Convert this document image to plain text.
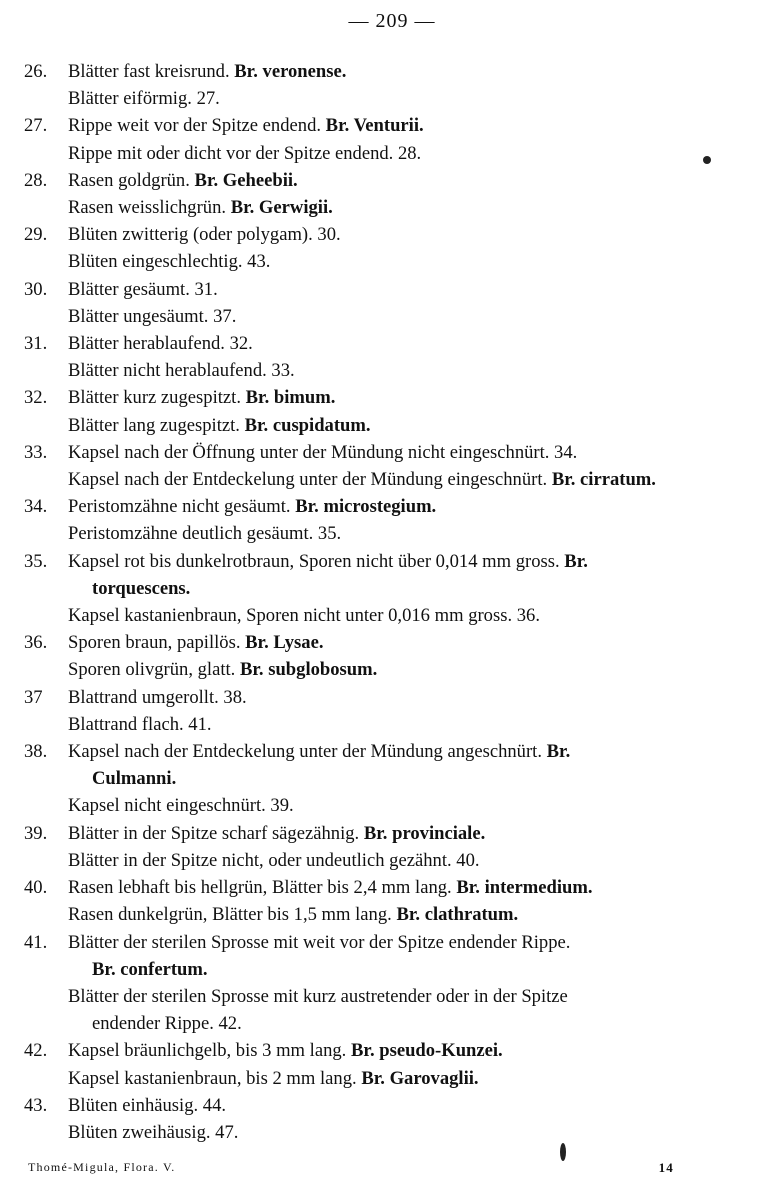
— 209 —
26.	Blätter fast kreisrund. Br. veronense.
Blätter eiförmig. 27.
27.	Rippe weit vor der Spitze endend. Br. Venturii.
Rippe mit oder dicht vor der Spitze endend. 28.
28.	Rasen goldgrün. Br. Geheebii.
Rasen weisslichgrün. Br. Gerwigii.
29.	Blüten zwitterig (oder polygam). 30.
Blüten eingeschlechtig. 43.
30.	Blätter gesäumt. 31.
Blätter ungesäumt. 37.
31.	Blätter herablaufend. 32.
Blätter nicht herablaufend. 33.
32.	Blätter kurz zugespitzt. Br. bimum.
Blätter lang zugespitzt. Br. cuspidatum.
33.	Kapsel nach der Öffnung unter der Mündung nicht eingeschnürt. 34.
Kapsel nach der Entdeckelung unter der Mündung eingeschnürt. Br. cirratum.
34.	Peristomzähne nicht gesäumt. Br. microstegium.
Peristomzähne deutlich gesäumt. 35.
35.	Kapsel rot bis dunkelrotbraun, Sporen nicht über 0,014 mm gross. Br.
torquescens.
Kapsel kastanienbraun, Sporen nicht unter 0,016 mm gross. 36.
36.	Sporen braun, papillös. Br. Lysae.
Sporen olivgrün, glatt. Br. subglobosum.
37	Blattrand umgerollt. 38.
Blattrand flach. 41.
38.	Kapsel nach der Entdeckelung unter der Mündung angeschnürt. Br.
Culmanni.
Kapsel nicht eingeschnürt. 39.
39.	Blätter in der Spitze scharf sägezähnig. Br. provinciale.
Blätter in der Spitze nicht, oder undeutlich gezähnt. 40.
40.	Rasen lebhaft bis hellgrün, Blätter bis 2,4 mm lang. Br. intermedium.
Rasen dunkelgrün, Blätter bis 1,5 mm lang. Br. clathratum.
41.	Blätter der sterilen Sprosse mit weit vor der Spitze endender Rippe.
Br. confertum.
Blätter der sterilen Sprosse mit kurz austretender oder in der Spitze
endender Rippe. 42.
42.	Kapsel bräunlichgelb, bis 3 mm lang. Br. pseudo-Kunzei.
Kapsel kastanienbraun, bis 2 mm lang. Br. Garovaglii.
43.	Blüten einhäusig. 44.
Blüten zweihäusig. 47.
Thomé-Migula, Flora. V.	14
